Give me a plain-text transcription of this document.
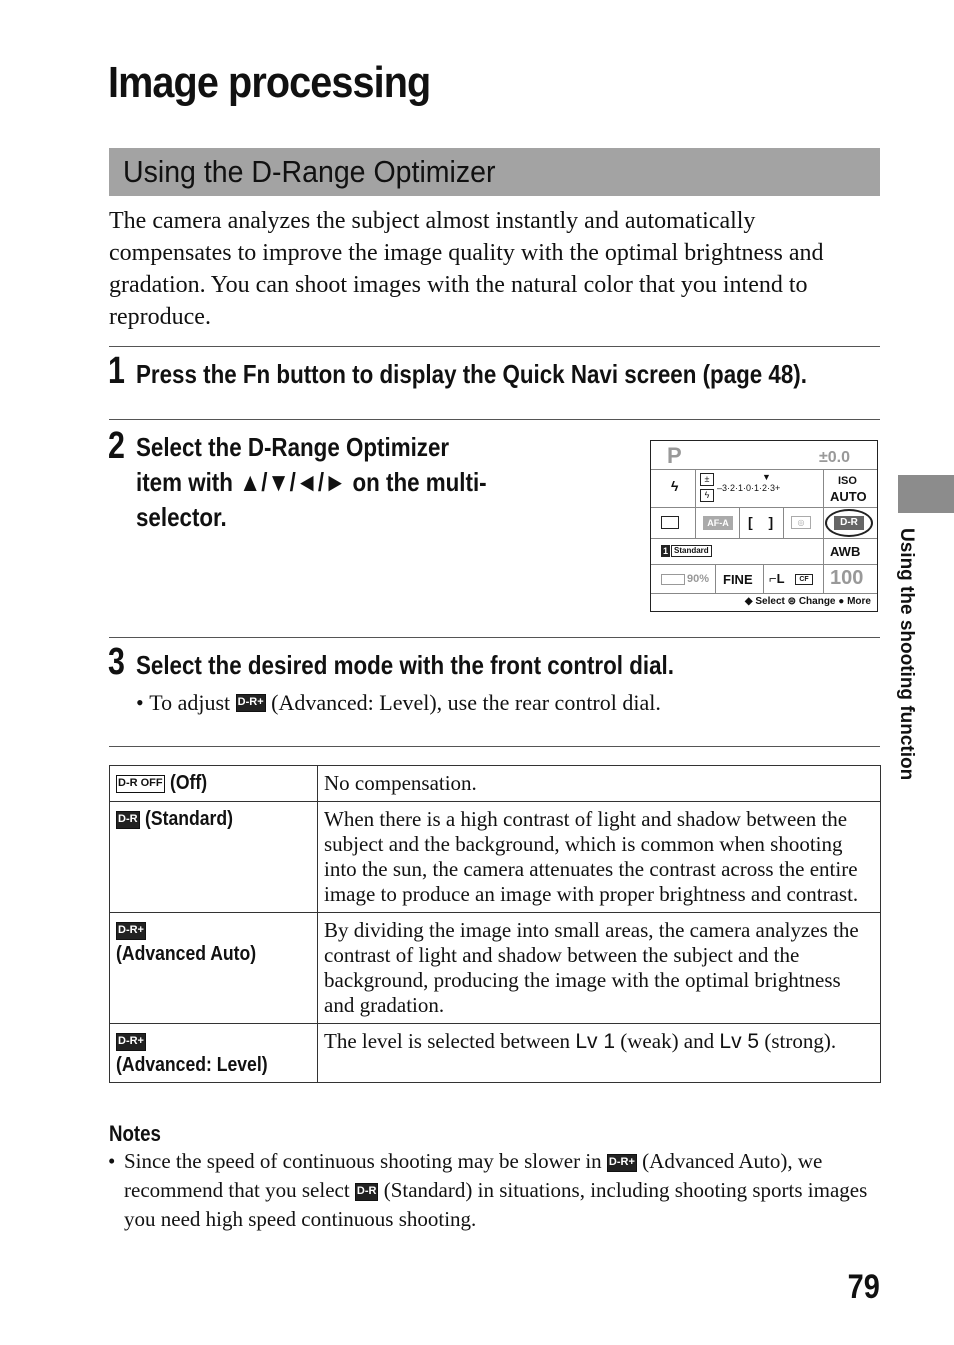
Image processing
Using the D-Range Optimizer

The camera analyzes the subject almost instantly and automatically compensates to improve the image quality with the optimal brightness and gradation. You can shoot images with the natural color that you intend to reproduce.

1 Press the Fn button to display the Quick Navi screen (page 48).
2 Select the D-Range Optimizer
item with ▲/▼/◄/► on the multi-
selector.
P	±0.0
ϟ	±
ϟ
–3·2·1·0·1·2·3+
▼	ISO
AUTO
AF-A	[ ]	◎	D-R
1 Standard	AWB
90% FINE ⌐L	CF 100
◆ Select ⊜ Change ● More
3 Select the desired mode with the front control dial.
• To adjust
D-R+
(Advanced: Level), use the rear control dial.
D-R OFF (Off)	No compensation.
D-R (Standard)	When there is a high contrast of light and shadow between the subject and the background, which is common when shooting into the sun, the camera attenuates the contrast across the entire image to produce an image with proper brightness and contrast.
D-R+ (Advanced Auto)	By dividing the image into small areas, the camera analyzes the contrast of light and shadow between the subject and the background, producing the image with the optimal brightness and gradation.
D-R+ (Advanced: Level)	The level is selected between Lv 1 (weak) and Lv 5 (strong).
Notes
• Since the speed of continuous shooting may be slower in D-R+ (Advanced Auto), we recommend that you select D-R (Standard) in situations, including shooting sports images you need high speed continuous shooting.

Using the shooting function
79
